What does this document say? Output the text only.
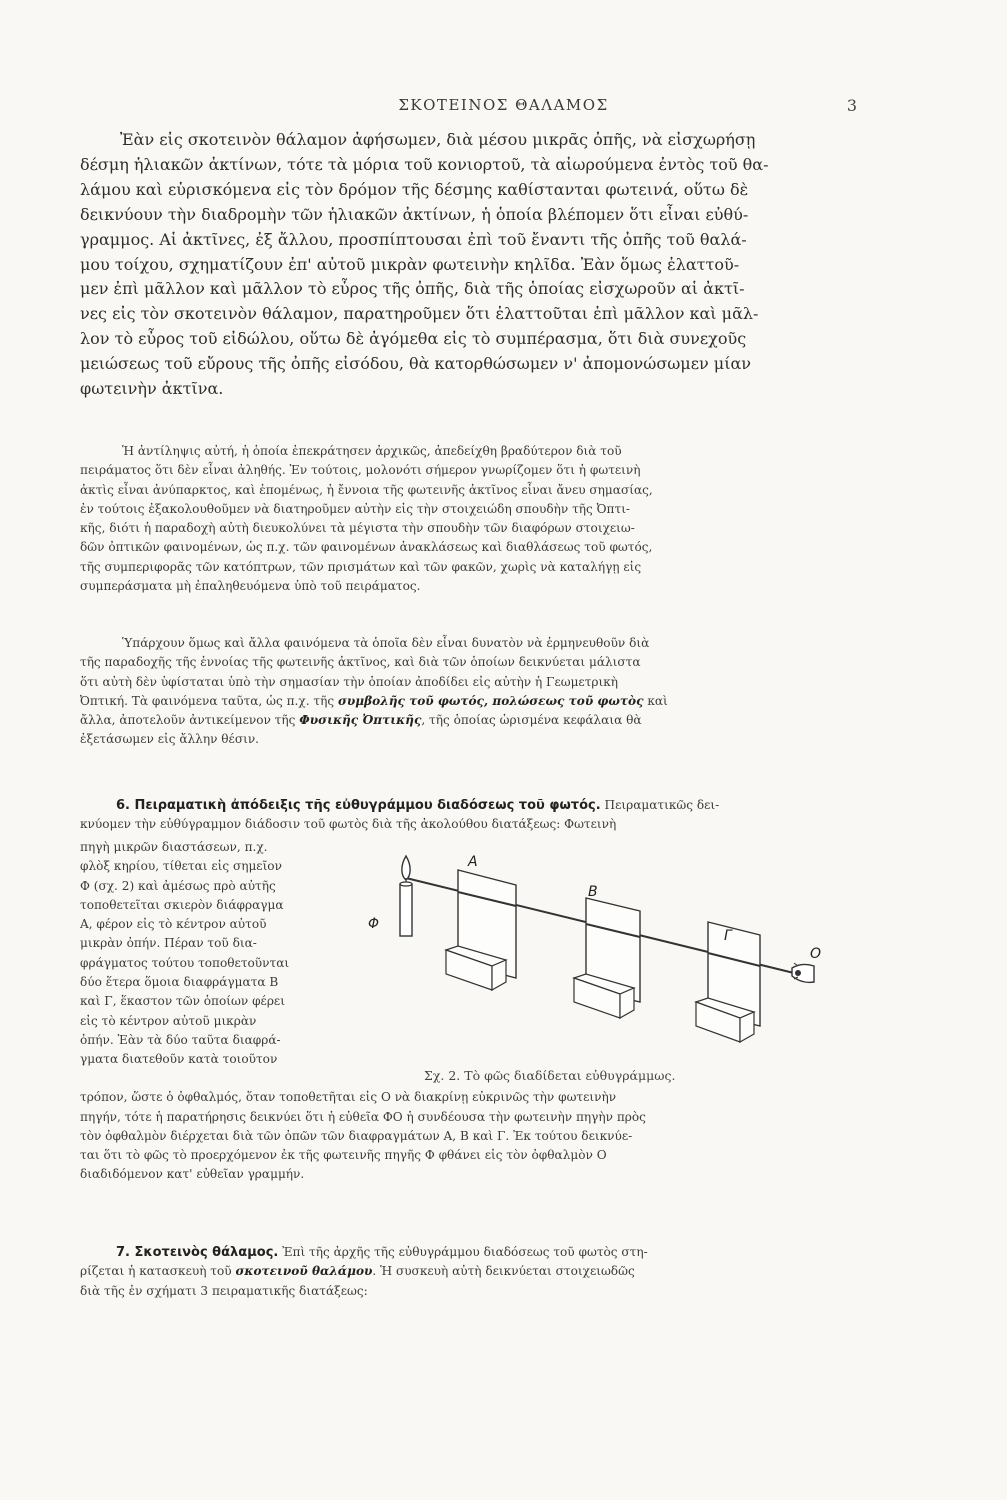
ΣΚΟΤΕΙΝΟΣ ΘΑΛΑΜΟΣ	3
Ἐὰν εἰς σκοτεινὸν θάλαμον ἀφήσωμεν, διὰ μέσου μικρᾶς ὀπῆς, νὰ εἰσχωρήσῃ
δέσμη ἡλιακῶν ἀκτίνων, τότε τὰ μόρια τοῦ κονιορτοῦ, τὰ αἰωρούμενα ἐντὸς τοῦ θα-
λάμου καὶ εὑρισκόμενα εἰς τὸν δρόμον τῆς δέσμης καθίστανται φωτεινά, οὕτω δὲ
δεικνύουν τὴν διαδρομὴν τῶν ἡλιακῶν ἀκτίνων, ἡ ὁποία βλέπομεν ὅτι εἶναι εὐθύ-
γραμμος. Αἱ ἀκτῖνες, ἐξ ἄλλου, προσπίπτουσαι ἐπὶ τοῦ ἔναντι τῆς ὀπῆς τοῦ θαλά-
μου τοίχου, σχηματίζουν ἐπ' αὐτοῦ μικρὰν φωτεινὴν κηλῖδα. Ἐὰν ὅμως ἐλαττοῦ-
μεν ἐπὶ μᾶλλον καὶ μᾶλλον τὸ εὖρος τῆς ὀπῆς, διὰ τῆς ὁποίας εἰσχωροῦν αἱ ἀκτῖ-
νες εἰς τὸν σκοτεινὸν θάλαμον, παρατηροῦμεν ὅτι ἐλαττοῦται ἐπὶ μᾶλλον καὶ μᾶλ-
λον τὸ εὖρος τοῦ εἰδώλου, οὕτω δὲ ἀγόμεθα εἰς τὸ συμπέρασμα, ὅτι διὰ συνεχοῦς
μειώσεως τοῦ εὔρους τῆς ὀπῆς εἰσόδου, θὰ κατορθώσωμεν ν' ἀπομονώσωμεν μίαν
φωτεινὴν ἀκτῖνα.
Ἡ ἀντίληψις αὐτή, ἡ ὁποία ἐπεκράτησεν ἀρχικῶς, ἀπεδείχθη βραδύτερον διὰ τοῦ
πειράματος ὅτι δὲν εἶναι ἀληθής. Ἐν τούτοις, μολονότι σήμερον γνωρίζομεν ὅτι ἡ φωτεινὴ
ἀκτὶς εἶναι ἀνύπαρκτος, καὶ ἐπομένως, ἡ ἔννοια τῆς φωτεινῆς ἀκτῖνος εἶναι ἄνευ σημασίας,
ἐν τούτοις ἐξακολουθοῦμεν νὰ διατηροῦμεν αὐτὴν εἰς τὴν στοιχειώδη σπουδὴν τῆς Ὀπτι-
κῆς, διότι ἡ παραδοχὴ αὐτὴ διευκολύνει τὰ μέγιστα τὴν σπουδὴν τῶν διαφόρων στοιχειω-
δῶν ὀπτικῶν φαινομένων, ὡς π.χ. τῶν φαινομένων ἀνακλάσεως καὶ διαθλάσεως τοῦ φωτός,
τῆς συμπεριφορᾶς τῶν κατόπτρων, τῶν πρισμάτων καὶ τῶν φακῶν, χωρὶς νὰ καταλήγῃ εἰς
συμπεράσματα μὴ ἐπαληθευόμενα ὑπὸ τοῦ πειράματος.
Ὑπάρχουν ὅμως καὶ ἄλλα φαινόμενα τὰ ὁποῖα δὲν εἶναι δυνατὸν νὰ ἑρμηνευθοῦν διὰ
τῆς παραδοχῆς τῆς ἐννοίας τῆς φωτεινῆς ἀκτῖνος, καὶ διὰ τῶν ὁποίων δεικνύεται μάλιστα
ὅτι αὐτὴ δὲν ὑφίσταται ὑπὸ τὴν σημασίαν τὴν ὁποίαν ἀποδίδει εἰς αὐτὴν ἡ Γεωμετρικὴ
Ὀπτική. Τὰ φαινόμενα ταῦτα, ὡς π.χ. τῆς συμβολῆς τοῦ φωτός, πολώσεως τοῦ φωτὸς καὶ
ἄλλα, ἀποτελοῦν ἀντικείμενον τῆς Φυσικῆς Ὀπτικῆς, τῆς ὁποίας ὡρισμένα κεφάλαια θὰ
ἐξετάσωμεν εἰς ἄλλην θέσιν.
6. Πειραματικὴ ἀπόδειξις τῆς εὐθυγράμμου διαδόσεως τοῦ φωτός. Πειραματικῶς δει-
κνύομεν τὴν εὐθύγραμμον διάδοσιν τοῦ φωτὸς διὰ τῆς ἀκολούθου διατάξεως: Φωτεινὴ
πηγὴ μικρῶν διαστάσεων, π.χ.
φλὸξ κηρίου, τίθεται εἰς σημεῖον
Φ (σχ. 2) καὶ ἀμέσως πρὸ αὐτῆς
τοποθετεῖται σκιερὸν διάφραγμα
Α, φέρον εἰς τὸ κέντρον αὐτοῦ
μικρὰν ὀπήν. Πέραν τοῦ δια-
φράγματος τούτου τοποθετοῦνται
δύο ἕτερα ὅμοια διαφράγματα Β
καὶ Γ, ἕκαστον τῶν ὁποίων φέρει
εἰς τὸ κέντρον αὐτοῦ μικρὰν
ὀπήν. Ἐὰν τὰ δύο ταῦτα διαφρά-
γματα διατεθοῦν κατὰ τοιοῦτον
Φ
Α
Β
Γ
Ο
Σχ. 2. Τὸ φῶς διαδίδεται εὐθυγράμμως.
τρόπον, ὥστε ὁ ὀφθαλμός, ὅταν τοποθετῆται εἰς Ο νὰ διακρίνῃ εὐκρινῶς τὴν φωτεινὴν
πηγήν, τότε ἡ παρατήρησις δεικνύει ὅτι ἡ εὐθεῖα ΦΟ ἡ συνδέουσα τὴν φωτεινὴν πηγὴν πρὸς
τὸν ὀφθαλμὸν διέρχεται διὰ τῶν ὀπῶν τῶν διαφραγμάτων Α, Β καὶ Γ. Ἐκ τούτου δεικνύε-
ται ὅτι τὸ φῶς τὸ προερχόμενον ἐκ τῆς φωτεινῆς πηγῆς Φ φθάνει εἰς τὸν ὀφθαλμὸν Ο
διαδιδόμενον κατ' εὐθεῖαν γραμμήν.
7. Σκοτεινὸς θάλαμος. Ἐπὶ τῆς ἀρχῆς τῆς εὐθυγράμμου διαδόσεως τοῦ φωτὸς στη-
ρίζεται ἡ κατασκευὴ τοῦ σκοτεινοῦ θαλάμου. Ἡ συσκευὴ αὐτὴ δεικνύεται στοιχειωδῶς
διὰ τῆς ἐν σχήματι 3 πειραματικῆς διατάξεως:
